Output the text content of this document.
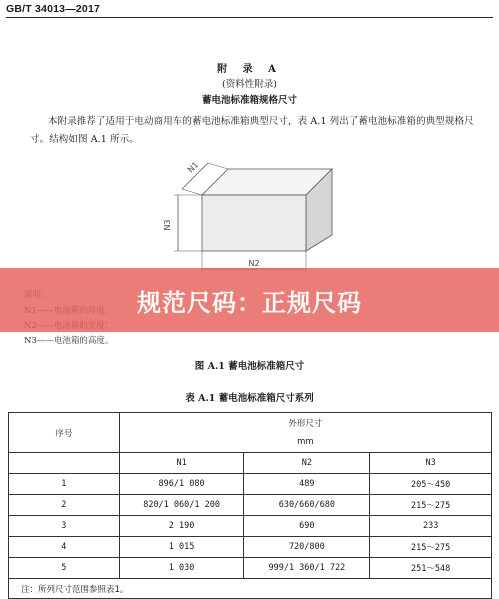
GB/T 34013—2017
附 录 A
(资料性附录)
蓄电池标准箱规格尺寸
本附录推荐了适用于电动商用车的蓄电池标准箱典型尺寸，表 A.1 列出了蓄电池标准箱的典型规格尺寸。结构如图 A.1 所示。
N1
N3
N2
N3——电池箱的高度。
图 A.1 蓄电池标准箱尺寸
表 A.1 蓄电池标准箱尺寸系列
序号	外形尺寸		

	mm		
	N1	N2	N3
1	896/1 080	489	205～450
2	820/1 060/1 200	630/660/680	215～275
3	2 190	690	233
4	1 015	720/800	215～275
5	1 030	999/1 360/1 722	251～548
注：所列尺寸范围参照表1。			
规范尺码：正规尺码
